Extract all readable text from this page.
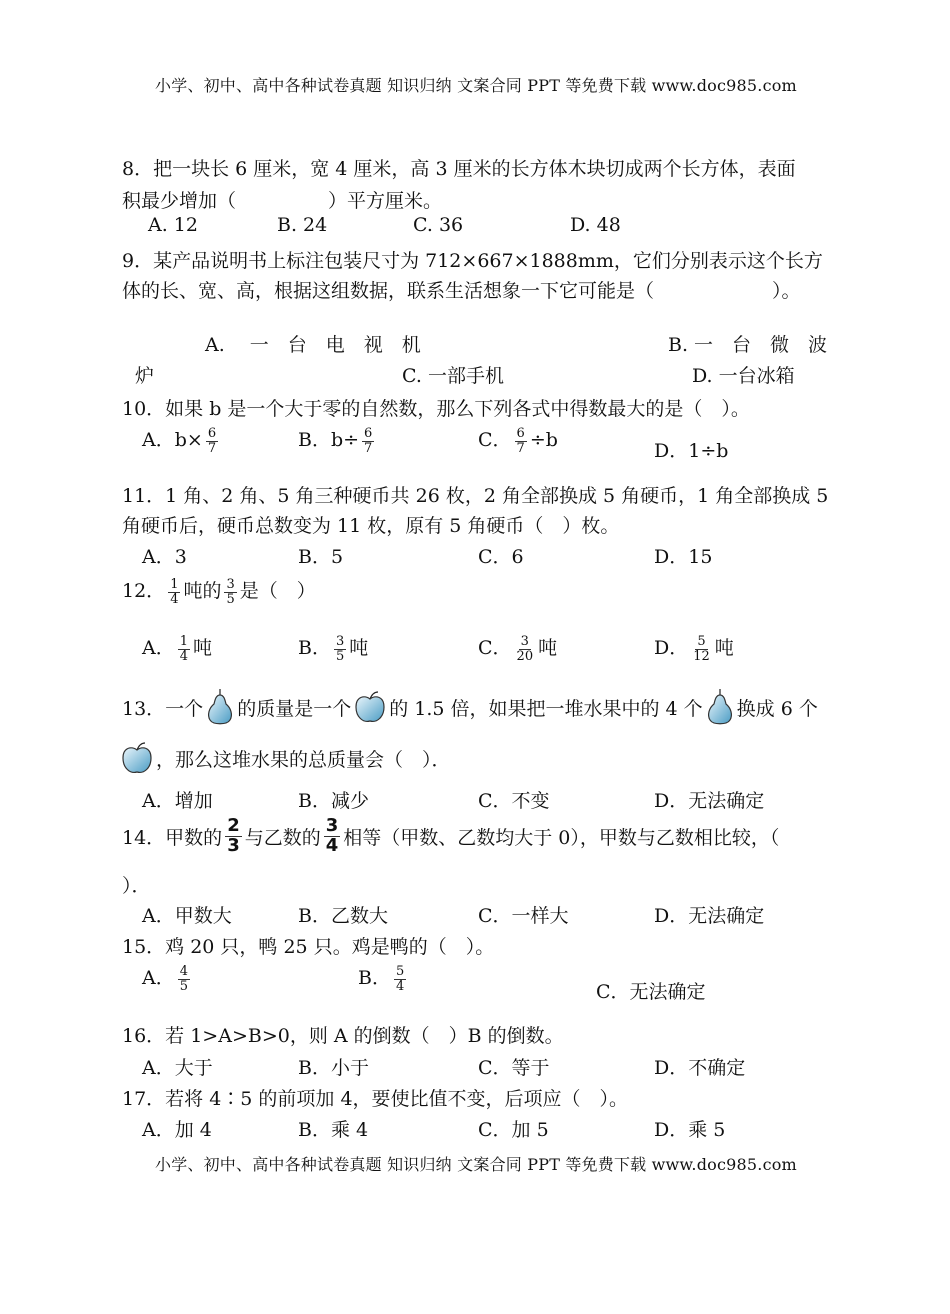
小学、初中、高中各种试卷真题 知识归纳 文案合同 PPT 等免费下载 www.doc985.com
8．把一块长 6 厘米，宽 4 厘米，高 3 厘米的长方体木块切成两个长方体，表面
积最少增加（	）平方厘米。
A. 12	B. 24	C. 36	D. 48
9．某产品说明书上标注包装尺寸为 712×667×1888mm，它们分别表示这个长方
体的长、宽、高，根据这组数据，联系生活想象一下它可能是（	）。
A.　 一　台　电　视　机	B. 一　台　微　波
炉	C. 一部手机	D. 一台冰箱
10．如果 b 是一个大于零的自然数，那么下列各式中得数最大的是（　）。
A．$b\times \frac{6}{7}$	B．$b\div \frac{6}{7}$	C． $\frac{6}{7} \div b$	D．1÷b
11．1 角、2 角、5 角三种硬币共 26 枚，2 角全部换成 5 角硬币，1 角全部换成 5
角硬币后，硬币总数变为 11 枚，原有 5 角硬币（　）枚。
A．3	B．5	C．6	D．15
12． $\frac{1}{4}$ 吨的 $\frac{3}{5}$ 是（　）
A． $\frac{1}{4}$ 吨	B． $\frac{3}{5}$ 吨	C． $\frac{3}{20}$ 吨	D． $\frac{5}{12}$ 吨
13．一个 的质量是一个 的 1.5 倍，如果把一堆水果中的 4 个 换成 6 个
，那么这堆水果的总质量会（　）．
A．增加	B．减少	C．不变	D．无法确定
14．甲数的 $\frac{2}{3}$ 与乙数的 $\frac{3}{4}$ 相等（甲数、乙数均大于 0），甲数与乙数相比较，（
）．
A．甲数大	B．乙数大	C．一样大	D．无法确定
15．鸡 20 只，鸭 25 只。鸡是鸭的（　）。
A． $\frac{4}{5}$	B． $\frac{5}{4}$	C．无法确定
16．若 1>A>B>0，则 A 的倒数（　）B 的倒数。
A．大于	B．小于	C．等于	D．不确定
17．若将 4∶5 的前项加 4，要使比值不变，后项应（　）。
A．加 4	B．乘 4	C．加 5	D．乘 5
小学、初中、高中各种试卷真题 知识归纳 文案合同 PPT 等免费下载 www.doc985.com
